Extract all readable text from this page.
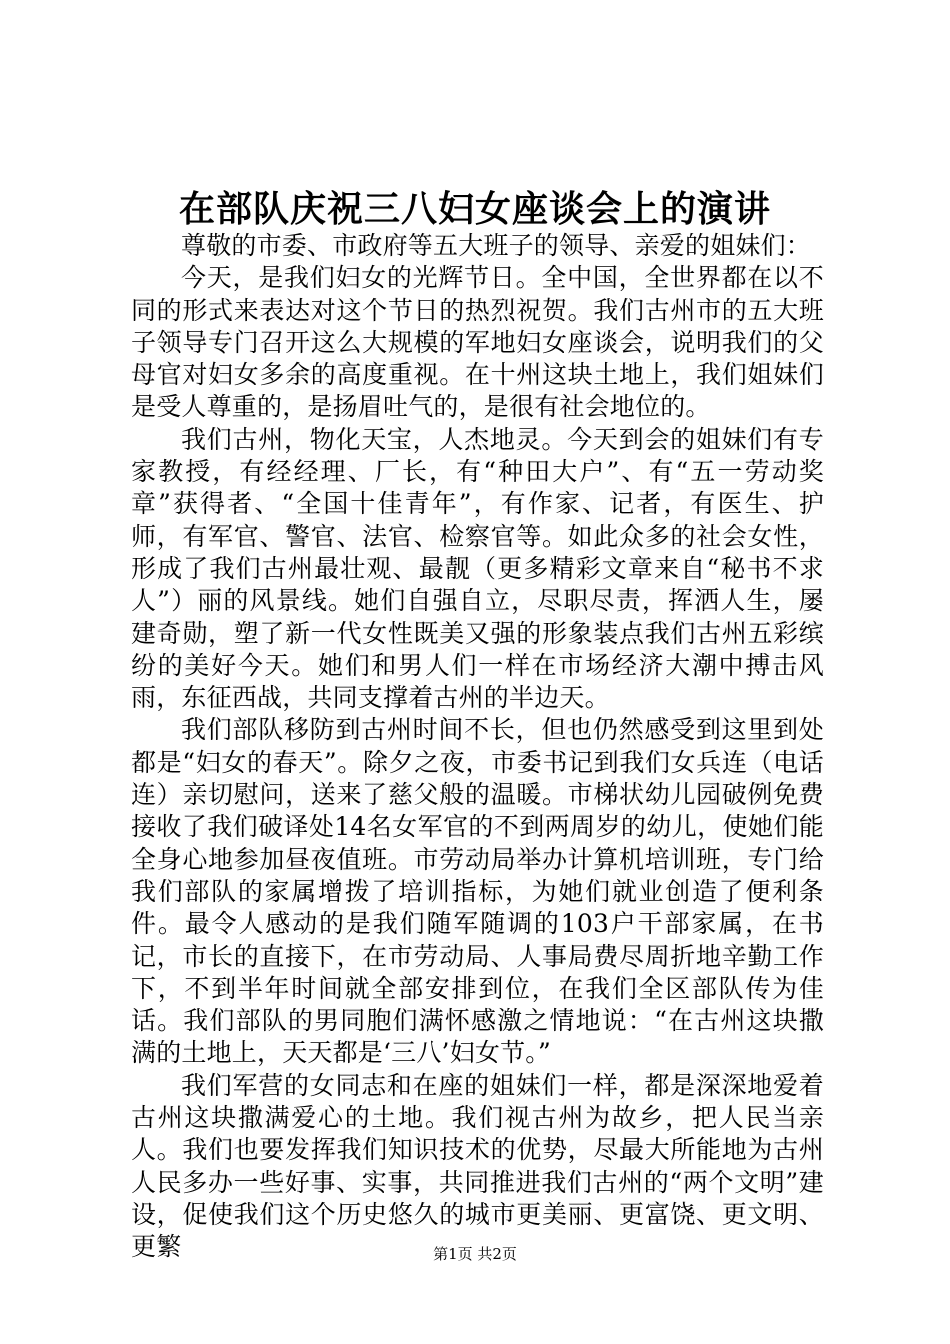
在部队庆祝三八妇女座谈会上的演讲

尊敬的市委、市政府等五大班子的领导、亲爱的姐妹们：

今天，是我们妇女的光辉节日。全中国，全世界都在以不同的形式来表达对这个节日的热烈祝贺。我们古州市的五大班子领导专门召开这么大规模的军地妇女座谈会，说明我们的父母官对妇女多余的高度重视。在十州这块土地上，我们姐妹们是受人尊重的，是扬眉吐气的，是很有社会地位的。

我们古州，物化天宝，人杰地灵。今天到会的姐妹们有专家教授，有经经理、厂长，有“种田大户”、有“五一劳动奖章”获得者、“全国十佳青年”，有作家、记者，有医生、护师，有军官、警官、法官、检察官等。如此众多的社会女性，形成了我们古州最壮观、最靓（更多精彩文章来自“秘书不求人”）丽的风景线。她们自强自立，尽职尽责，挥洒人生，屡建奇勋，塑了新一代女性既美又强的形象装点我们古州五彩缤纷的美好今天。她们和男人们一样在市场经济大潮中搏击风雨，东征西战，共同支撑着古州的半边天。

我们部队移防到古州时间不长，但也仍然感受到这里到处都是“妇女的春天”。除夕之夜，市委书记到我们女兵连（电话连）亲切慰问，送来了慈父般的温暖。市梯状幼儿园破例免费接收了我们破译处14名女军官的不到两周岁的幼儿，使她们能全身心地参加昼夜值班。市劳动局举办计算机培训班，专门给我们部队的家属增拨了培训指标，为她们就业创造了便利条件。最令人感动的是我们随军随调的103户干部家属，在书记，市长的直接下，在市劳动局、人事局费尽周折地辛勤工作下，不到半年时间就全部安排到位，在我们全区部队传为佳话。我们部队的男同胞们满怀感激之情地说：“在古州这块撒满的土地上，天天都是‘三八’妇女节。”

我们军营的女同志和在座的姐妹们一样，都是深深地爱着古州这块撒满爱心的土地。我们视古州为故乡，把人民当亲人。我们也要发挥我们知识技术的优势，尽最大所能地为古州人民多办一些好事、实事，共同推进我们古州的“两个文明”建设，促使我们这个历史悠久的城市更美丽、更富饶、更文明、更繁	第1页 共2页
